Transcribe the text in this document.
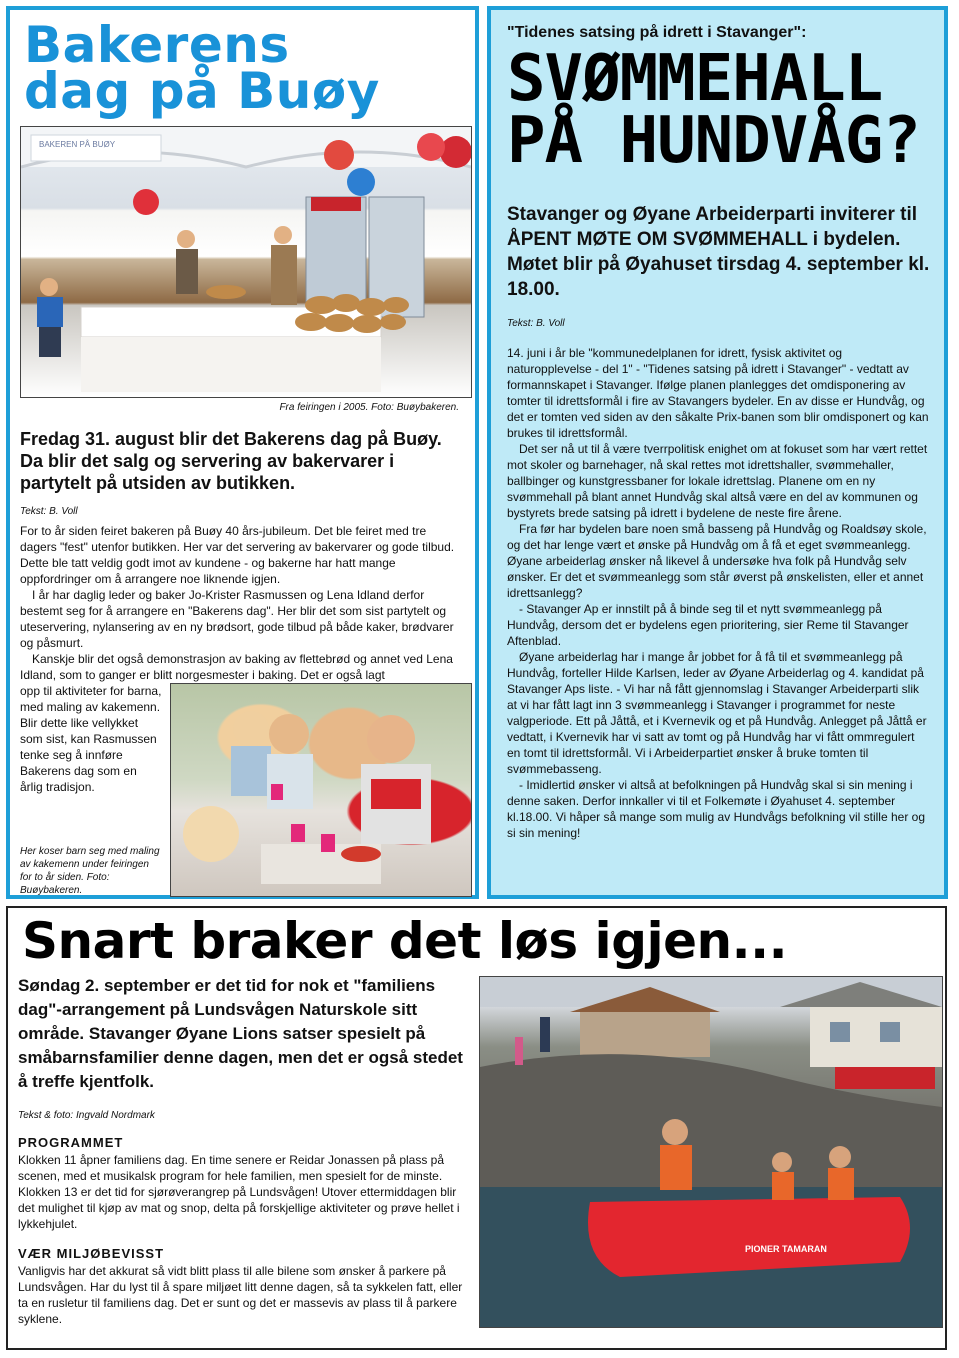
Bakerens
dag på Buøy
BAKEREN PÅ BUØY
Fra feiringen i 2005. Foto: Buøybakeren.
Fredag 31. august blir det Bakerens dag på Buøy. Da blir det salg og servering av bakervarer i partytelt på utsiden av butikken.
Tekst: B. Voll

For to år siden feiret bakeren på Buøy 40 års-jubileum. Det ble feiret med tre dagers "fest" utenfor butikken. Her var det servering av bakervarer og gode tilbud. Dette ble tatt veldig godt imot av kundene - og bakerne har hatt mange oppfordringer om å arrangere noe liknende igjen.

I år har daglig leder og baker Jo-Krister Rasmussen og Lena Idland derfor bestemt seg for å arrangere en "Bakerens dag". Her blir det som sist partytelt og uteservering, nylansering av en ny brødsort, gode tilbud på både kaker, brødvarer og påsmurt.

Kanskje blir det også demonstrasjon av baking av flettebrød og annet ved Lena Idland, som to ganger er blitt norgesmester i baking. Det er også lagt

opp til aktiviteter for barna, med maling av kakemenn. Blir dette like vellykket som sist, kan Rasmussen tenke seg å innføre Bakerens dag som en årlig tradisjon.
Her koser barn seg med maling av kakemenn under feiringen for to år siden. Foto: Buøybakeren.
"Tidenes satsing på idrett i Stavanger":
SVØMMEHALL
PÅ HUNDVÅG?
Stavanger og Øyane Arbeiderparti inviterer til ÅPENT MØTE OM SVØMMEHALL i bydelen. Møtet blir på Øyahuset tirsdag 4. september kl. 18.00.
Tekst: B. Voll

14. juni i år ble "kommunedelplanen for idrett, fysisk aktivitet og naturopplevelse - del 1" - "Tidenes satsing på idrett i Stavanger" - vedtatt av formannskapet i Stavanger. Ifølge planen planlegges det omdisponering av tomter til idrettsformål i fire av Stavangers bydeler. En av disse er Hundvåg, og det er tomten ved siden av den såkalte Prix-banen som blir omdisponert og kan brukes til idrettsformål.

Det ser nå ut til å være tverrpolitisk enighet om at fokuset som har vært rettet mot skoler og barnehager, nå skal rettes mot idrettshaller, svømmehaller, ballbinger og kunstgressbaner for lokale idrettslag. Planene om en ny svømmehall på blant annet Hundvåg skal altså være en del av kommunen og bystyrets brede satsing på idrett i bydelene de neste fire årene.

Fra før har bydelen bare noen små basseng på Hundvåg og Roaldsøy skole, og det har lenge vært et ønske på Hundvåg om å få et eget svømmeanlegg. Øyane arbeiderlag ønsker nå likevel å undersøke hva folk på Hundvåg selv ønsker. Er det et svømmeanlegg som står øverst på ønskelisten, eller et annet idrettsanlegg?

- Stavanger Ap er innstilt på å binde seg til et nytt svømmeanlegg på Hundvåg, dersom det er bydelens egen prioritering, sier Reme til Stavanger Aftenblad.

Øyane arbeiderlag har i mange år jobbet for å få til et svømmeanlegg på Hundvåg, forteller Hilde Karlsen, leder av Øyane Arbeiderlag og 4. kandidat på Stavanger Aps liste. - Vi har nå fått gjennomslag i Stavanger Arbeiderparti slik at vi har fått lagt inn 3 svømmeanlegg i Stavanger i programmet for neste valgperiode. Ett på Jåttå, et i Kvernevik og et på Hundvåg. Anlegget på Jåttå er vedtatt, i Kvernevik har vi satt av tomt og på Hundvåg har vi fått ommregulert en tomt til idrettsformål. Vi i Arbeiderpartiet ønsker å bruke tomten til svømmebasseng.

- Imidlertid ønsker vi altså at befolkningen på Hundvåg skal si sin mening i denne saken. Derfor innkaller vi til et Folkemøte i Øyahuset 4. september kl.18.00. Vi håper så mange som mulig av Hundvågs befolkning vil stille her og si sin mening!

Snart braker det løs igjen...
Søndag 2. september er det tid for nok et "familiens dag"-arrangement på Lundsvågen Naturskole sitt område. Stavanger Øyane Lions satser spesielt på småbarnsfamilier denne dagen, men det er også stedet å treffe kjentfolk.
Tekst & foto: Ingvald Nordmark
PROGRAMMET
Klokken 11 åpner familiens dag. En time senere er Reidar Jonassen på plass på scenen, med et musikalsk program for hele familien, men spesielt for de minste. Klokken 13 er det tid for sjørøverangrep på Lundsvågen! Utover ettermiddagen blir det mulighet til kjøp av mat og snop, delta på forskjellige aktiviteter og prøve hellet i lykkehjulet.
VÆR MILJØBEVISST
Vanligvis har det akkurat så vidt blitt plass til alle bilene som ønsker å parkere på Lundsvågen. Har du lyst til å spare miljøet litt denne dagen, så ta sykkelen fatt, eller ta en rusletur til familiens dag. Det er sunt og det er massevis av plass til å parkere syklene.
PIONER TAMARAN
